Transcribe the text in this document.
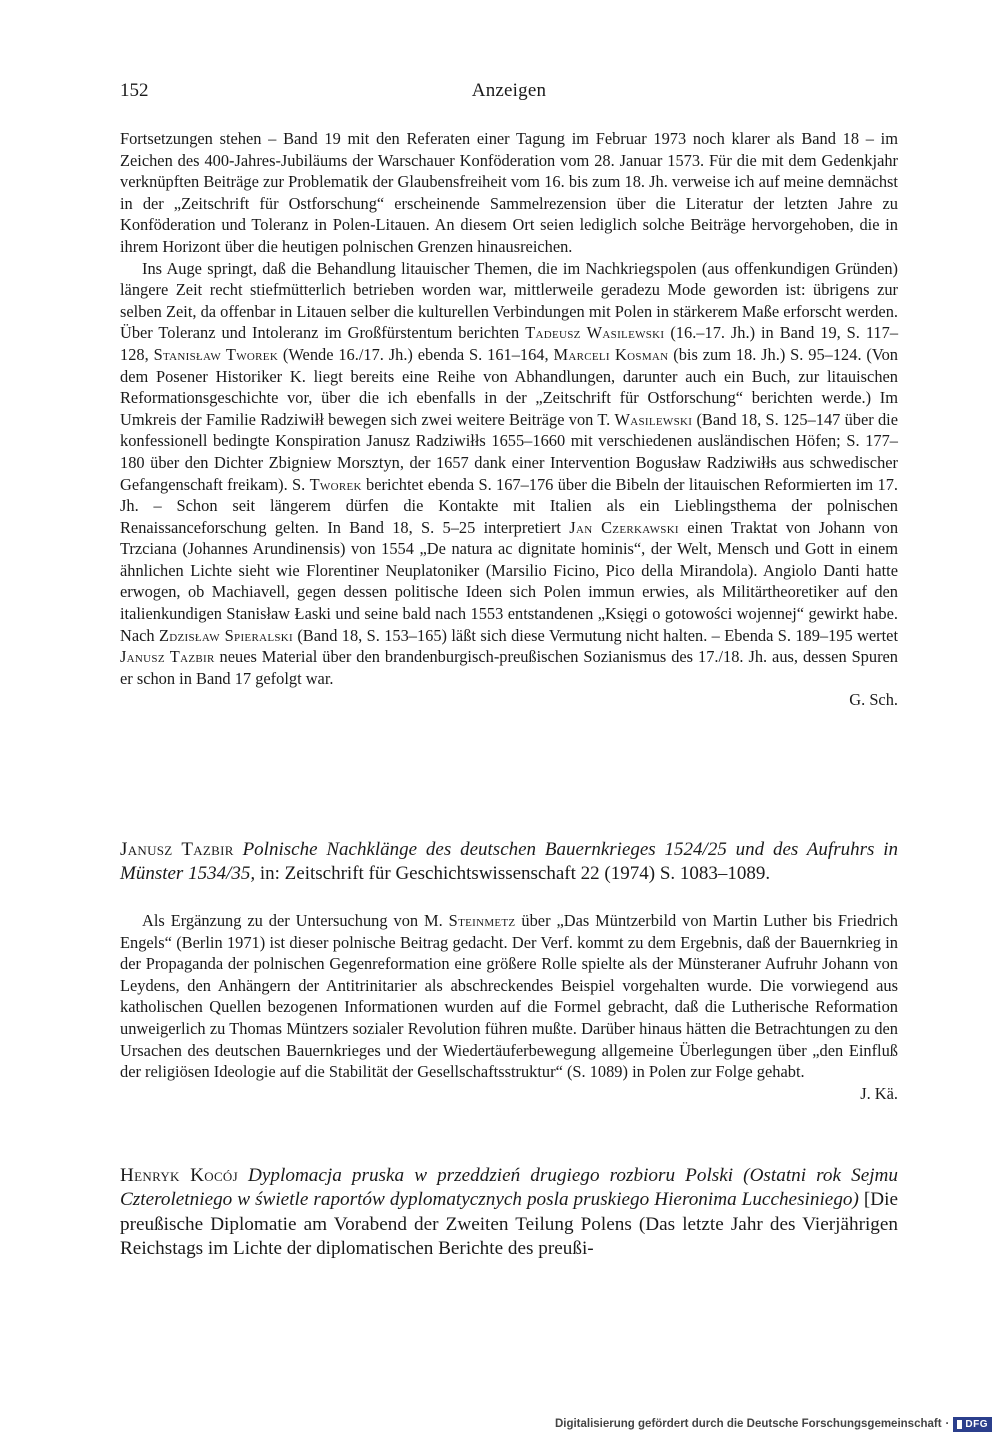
152	Anzeigen

Fortsetzungen stehen – Band 19 mit den Referaten einer Tagung im Februar 1973 noch klarer als Band 18 – im Zeichen des 400-Jahres-Jubiläums der Warschauer Konföderation vom 28. Januar 1573. Für die mit dem Gedenkjahr verknüpften Beiträge zur Problematik der Glaubensfreiheit vom 16. bis zum 18. Jh. verweise ich auf meine demnächst in der „Zeitschrift für Ostforschung“ erscheinende Sammelrezension über die Literatur der letzten Jahre zu Konföderation und Toleranz in Polen-Litauen. An diesem Ort seien lediglich solche Beiträge hervorgehoben, die in ihrem Horizont über die heutigen polnischen Grenzen hinausreichen.

Ins Auge springt, daß die Behandlung litauischer Themen, die im Nachkriegspolen (aus offenkundigen Gründen) längere Zeit recht stiefmütterlich betrieben worden war, mittlerweile geradezu Mode geworden ist: übrigens zur selben Zeit, da offenbar in Litauen selber die kulturellen Verbindungen mit Polen in stärkerem Maße erforscht werden. Über Toleranz und Intoleranz im Großfürstentum berichten Tadeusz Wasilewski (16.–17. Jh.) in Band 19, S. 117–128, Stanisław Tworek (Wende 16./17. Jh.) ebenda S. 161–164, Marceli Kosman (bis zum 18. Jh.) S. 95–124. (Von dem Posener Historiker K. liegt bereits eine Reihe von Abhandlungen, darunter auch ein Buch, zur litauischen Reformationsgeschichte vor, über die ich ebenfalls in der „Zeitschrift für Ostforschung“ berichten werde.) Im Umkreis der Familie Radziwiłł bewegen sich zwei weitere Beiträge von T. Wasilewski (Band 18, S. 125–147 über die konfessionell bedingte Konspiration Janusz Radziwiłłs 1655–1660 mit verschiedenen ausländischen Höfen; S. 177–180 über den Dichter Zbigniew Morsztyn, der 1657 dank einer Intervention Bogusław Radziwiłłs aus schwedischer Gefangenschaft freikam). S. Tworek berichtet ebenda S. 167–176 über die Bibeln der litauischen Reformierten im 17. Jh. – Schon seit längerem dürfen die Kontakte mit Italien als ein Lieblingsthema der polnischen Renaissanceforschung gelten. In Band 18, S. 5–25 interpretiert Jan Czerkawski einen Traktat von Johann von Trzciana (Johannes Arundinensis) von 1554 „De natura ac dignitate hominis“, der Welt, Mensch und Gott in einem ähnlichen Lichte sieht wie Florentiner Neuplatoniker (Marsilio Ficino, Pico della Mirandola). Angiolo Danti hatte erwogen, ob Machiavell, gegen dessen politische Ideen sich Polen immun erwies, als Militärtheoretiker auf den italienkundigen Stanisław Łaski und seine bald nach 1553 entstandenen „Księgi o gotowości wojennej“ gewirkt habe. Nach Zdzisław Spieralski (Band 18, S. 153–165) läßt sich diese Vermutung nicht halten. – Ebenda S. 189–195 wertet Janusz Tazbir neues Material über den brandenburgisch-preußischen Sozianismus des 17./18. Jh. aus, dessen Spuren er schon in Band 17 gefolgt war.

G. Sch.

Janusz Tazbir Polnische Nachklänge des deutschen Bauernkrieges 1524/25 und des Aufruhrs in Münster 1534/35, in: Zeitschrift für Geschichtswissenschaft 22 (1974) S. 1083–1089.

Als Ergänzung zu der Untersuchung von M. Steinmetz über „Das Müntzerbild von Martin Luther bis Friedrich Engels“ (Berlin 1971) ist dieser polnische Beitrag gedacht. Der Verf. kommt zu dem Ergebnis, daß der Bauernkrieg in der Propaganda der polnischen Gegenreformation eine größere Rolle spielte als der Münsteraner Aufruhr Johann von Leydens, den Anhängern der Antitrinitarier als abschreckendes Beispiel vorgehalten wurde. Die vorwiegend aus katholischen Quellen bezogenen Informationen wurden auf die Formel gebracht, daß die Lutherische Reformation unweigerlich zu Thomas Müntzers sozialer Revolution führen mußte. Darüber hinaus hätten die Betrachtungen zu den Ursachen des deutschen Bauernkrieges und der Wiedertäuferbewegung allgemeine Überlegungen über „den Einfluß der religiösen Ideologie auf die Stabilität der Gesellschaftsstruktur“ (S. 1089) in Polen zur Folge gehabt.

J. Kä.

Henryk Kocój Dyplomacja pruska w przeddzień drugiego rozbioru Polski (Ostatni rok Sejmu Czteroletniego w świetle raportów dyplomatycznych posla pruskiego Hieronima Lucchesiniego) [Die preußische Diplomatie am Vorabend der Zweiten Teilung Polens (Das letzte Jahr des Vierjährigen Reichstags im Lichte der diplomatischen Berichte des preußi-
Digitalisierung gefördert durch die Deutsche Forschungsgemeinschaft · DFG
